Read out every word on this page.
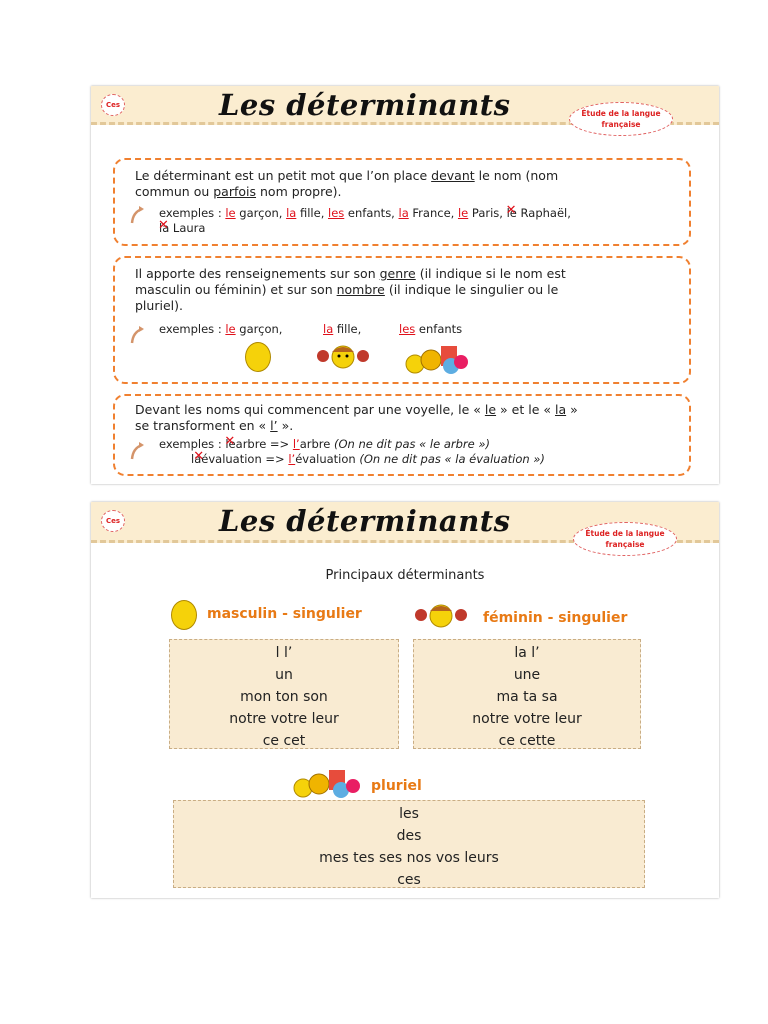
Ces	Les déterminants	Étude de la langue française
Le déterminant est un petit mot que l’on place devant le nom (nom
commun ou parfois nom propre).
exemples : le garçon, la fille, les enfants, la France, le Paris, le ✕ Raphaël,
la ✕ Laura
Il apporte des renseignements sur son genre (il indique si le nom est
masculin ou féminin) et sur son nombre (il indique le singulier ou le
pluriel).
exemples : le garçon,	la fille,	les enfants
Devant les noms qui commencent par une voyelle, le « le » et le « la »
se transforment en « l’ ».
exemples : le ✕arbre => l’arbre (On ne dit pas « le arbre »)
la ✕évaluation => l’évaluation (On ne dit pas « la évaluation »)
Ces	Les déterminants	Étude de la langue française
Principaux déterminants
masculin - singulier	féminin - singulier
l l’
un
mon ton son
notre votre leur
ce cet
la l’
une
ma ta sa
notre votre leur
ce cette
pluriel
les
des
mes tes ses nos vos leurs
ces
